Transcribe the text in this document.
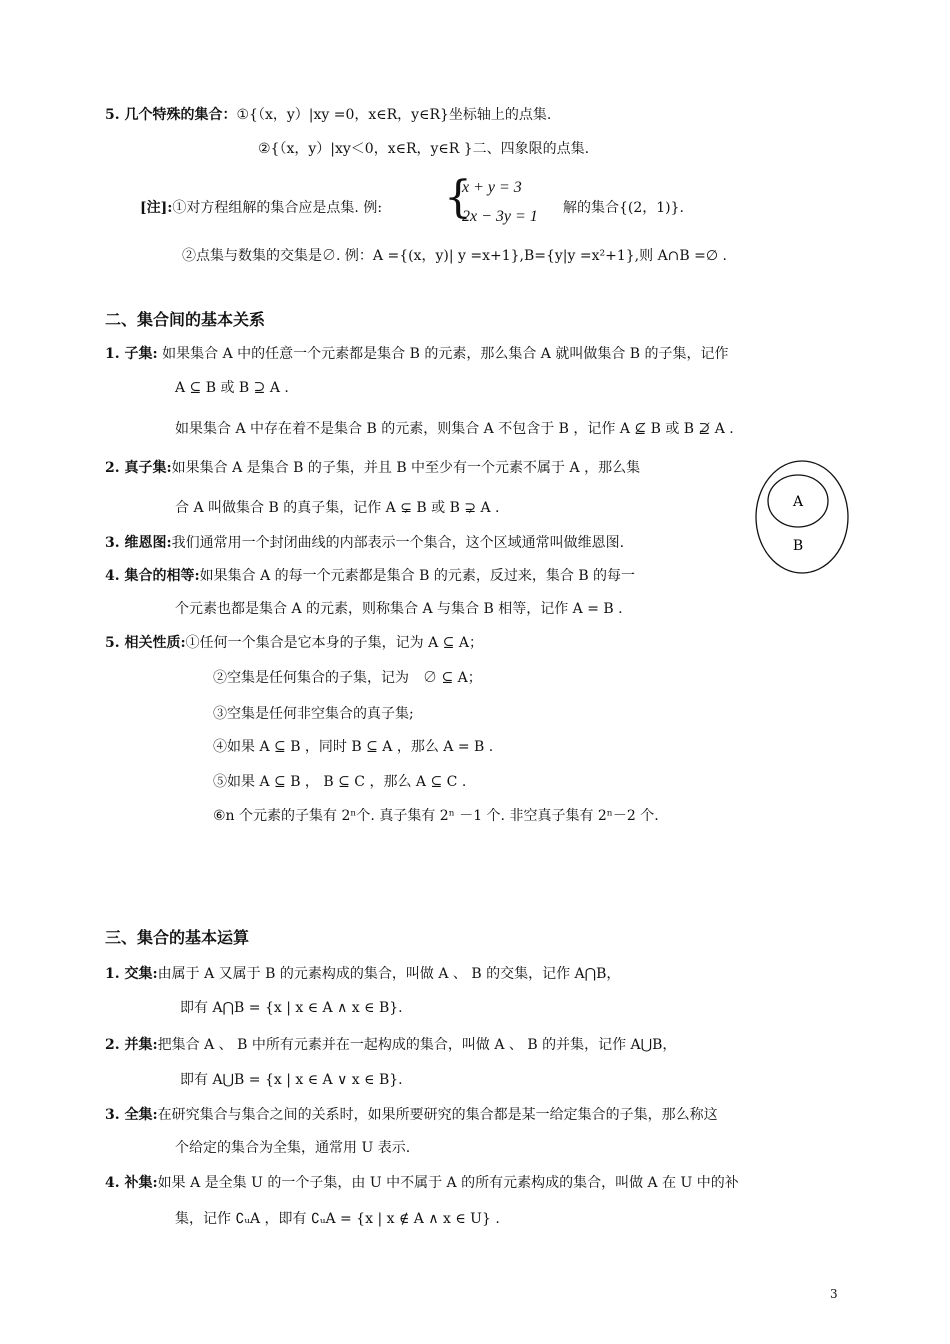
5. 几个特殊的集合：①{（x，y）|xy =0，x∈R，y∈R}坐标轴上的点集.
②{（x，y）|xy＜0，x∈R，y∈R }二、四象限的点集.
[注]:①对方程组解的集合应是点集. 例: {
x + y = 3
2x − 3y = 1 解的集合{(2，1)}.
②点集与数集的交集是∅. 例：A ={(x，y)| y =x+1},B={y|y =x²+1},则 A∩B =∅ .
二、集合间的基本关系
1. 子集: 如果集合 A 中的任意一个元素都是集合 B 的元素，那么集合 A 就叫做集合 B 的子集，记作
A ⊆ B 或 B ⊇ A .
如果集合 A 中存在着不是集合 B 的元素，则集合 A 不包含于 B ，记作 A ⊈ B 或 B ⊉ A .
2. 真子集:如果集合 A 是集合 B 的子集，并且 B 中至少有一个元素不属于 A ，那么集
合 A 叫做集合 B 的真子集，记作 A ⊊ B 或 B ⊋ A .	A
B
3. 维恩图:我们通常用一个封闭曲线的内部表示一个集合，这个区域通常叫做维恩图.
4. 集合的相等:如果集合 A 的每一个元素都是集合 B 的元素，反过来，集合 B 的每一
个元素也都是集合 A 的元素，则称集合 A 与集合 B 相等，记作 A = B .
5. 相关性质:①任何一个集合是它本身的子集，记为 A ⊆ A；
②空集是任何集合的子集，记为　∅ ⊆ A；
③空集是任何非空集合的真子集;
④如果 A ⊆ B ，同时 B ⊆ A ，那么 A = B .
⑤如果 A ⊆ B ， B ⊆ C ，那么 A ⊆ C .
⑥n 个元素的子集有 2ⁿ个. 真子集有 2ⁿ －1 个. 非空真子集有 2ⁿ－2 个.
三、集合的基本运算
1. 交集:由属于 A 又属于 B 的元素构成的集合，叫做 A 、 B 的交集，记作 A⋂B，
即有 A⋂B = {x | x ∈ A ∧ x ∈ B}.
2. 并集:把集合 A 、 B 中所有元素并在一起构成的集合，叫做 A 、 B 的并集，记作 A⋃B，
即有 A⋃B = {x | x ∈ A ∨ x ∈ B}.
3. 全集:在研究集合与集合之间的关系时，如果所要研究的集合都是某一给定集合的子集，那么称这
个给定的集合为全集，通常用 U 表示.
4. 补集:如果 A 是全集 U 的一个子集，由 U 中不属于 A 的所有元素构成的集合，叫做 A 在 U 中的补
集，记作 ∁ᵤA ，即有 ∁ᵤA = {x | x ∉ A ∧ x ∈ U} .
3
